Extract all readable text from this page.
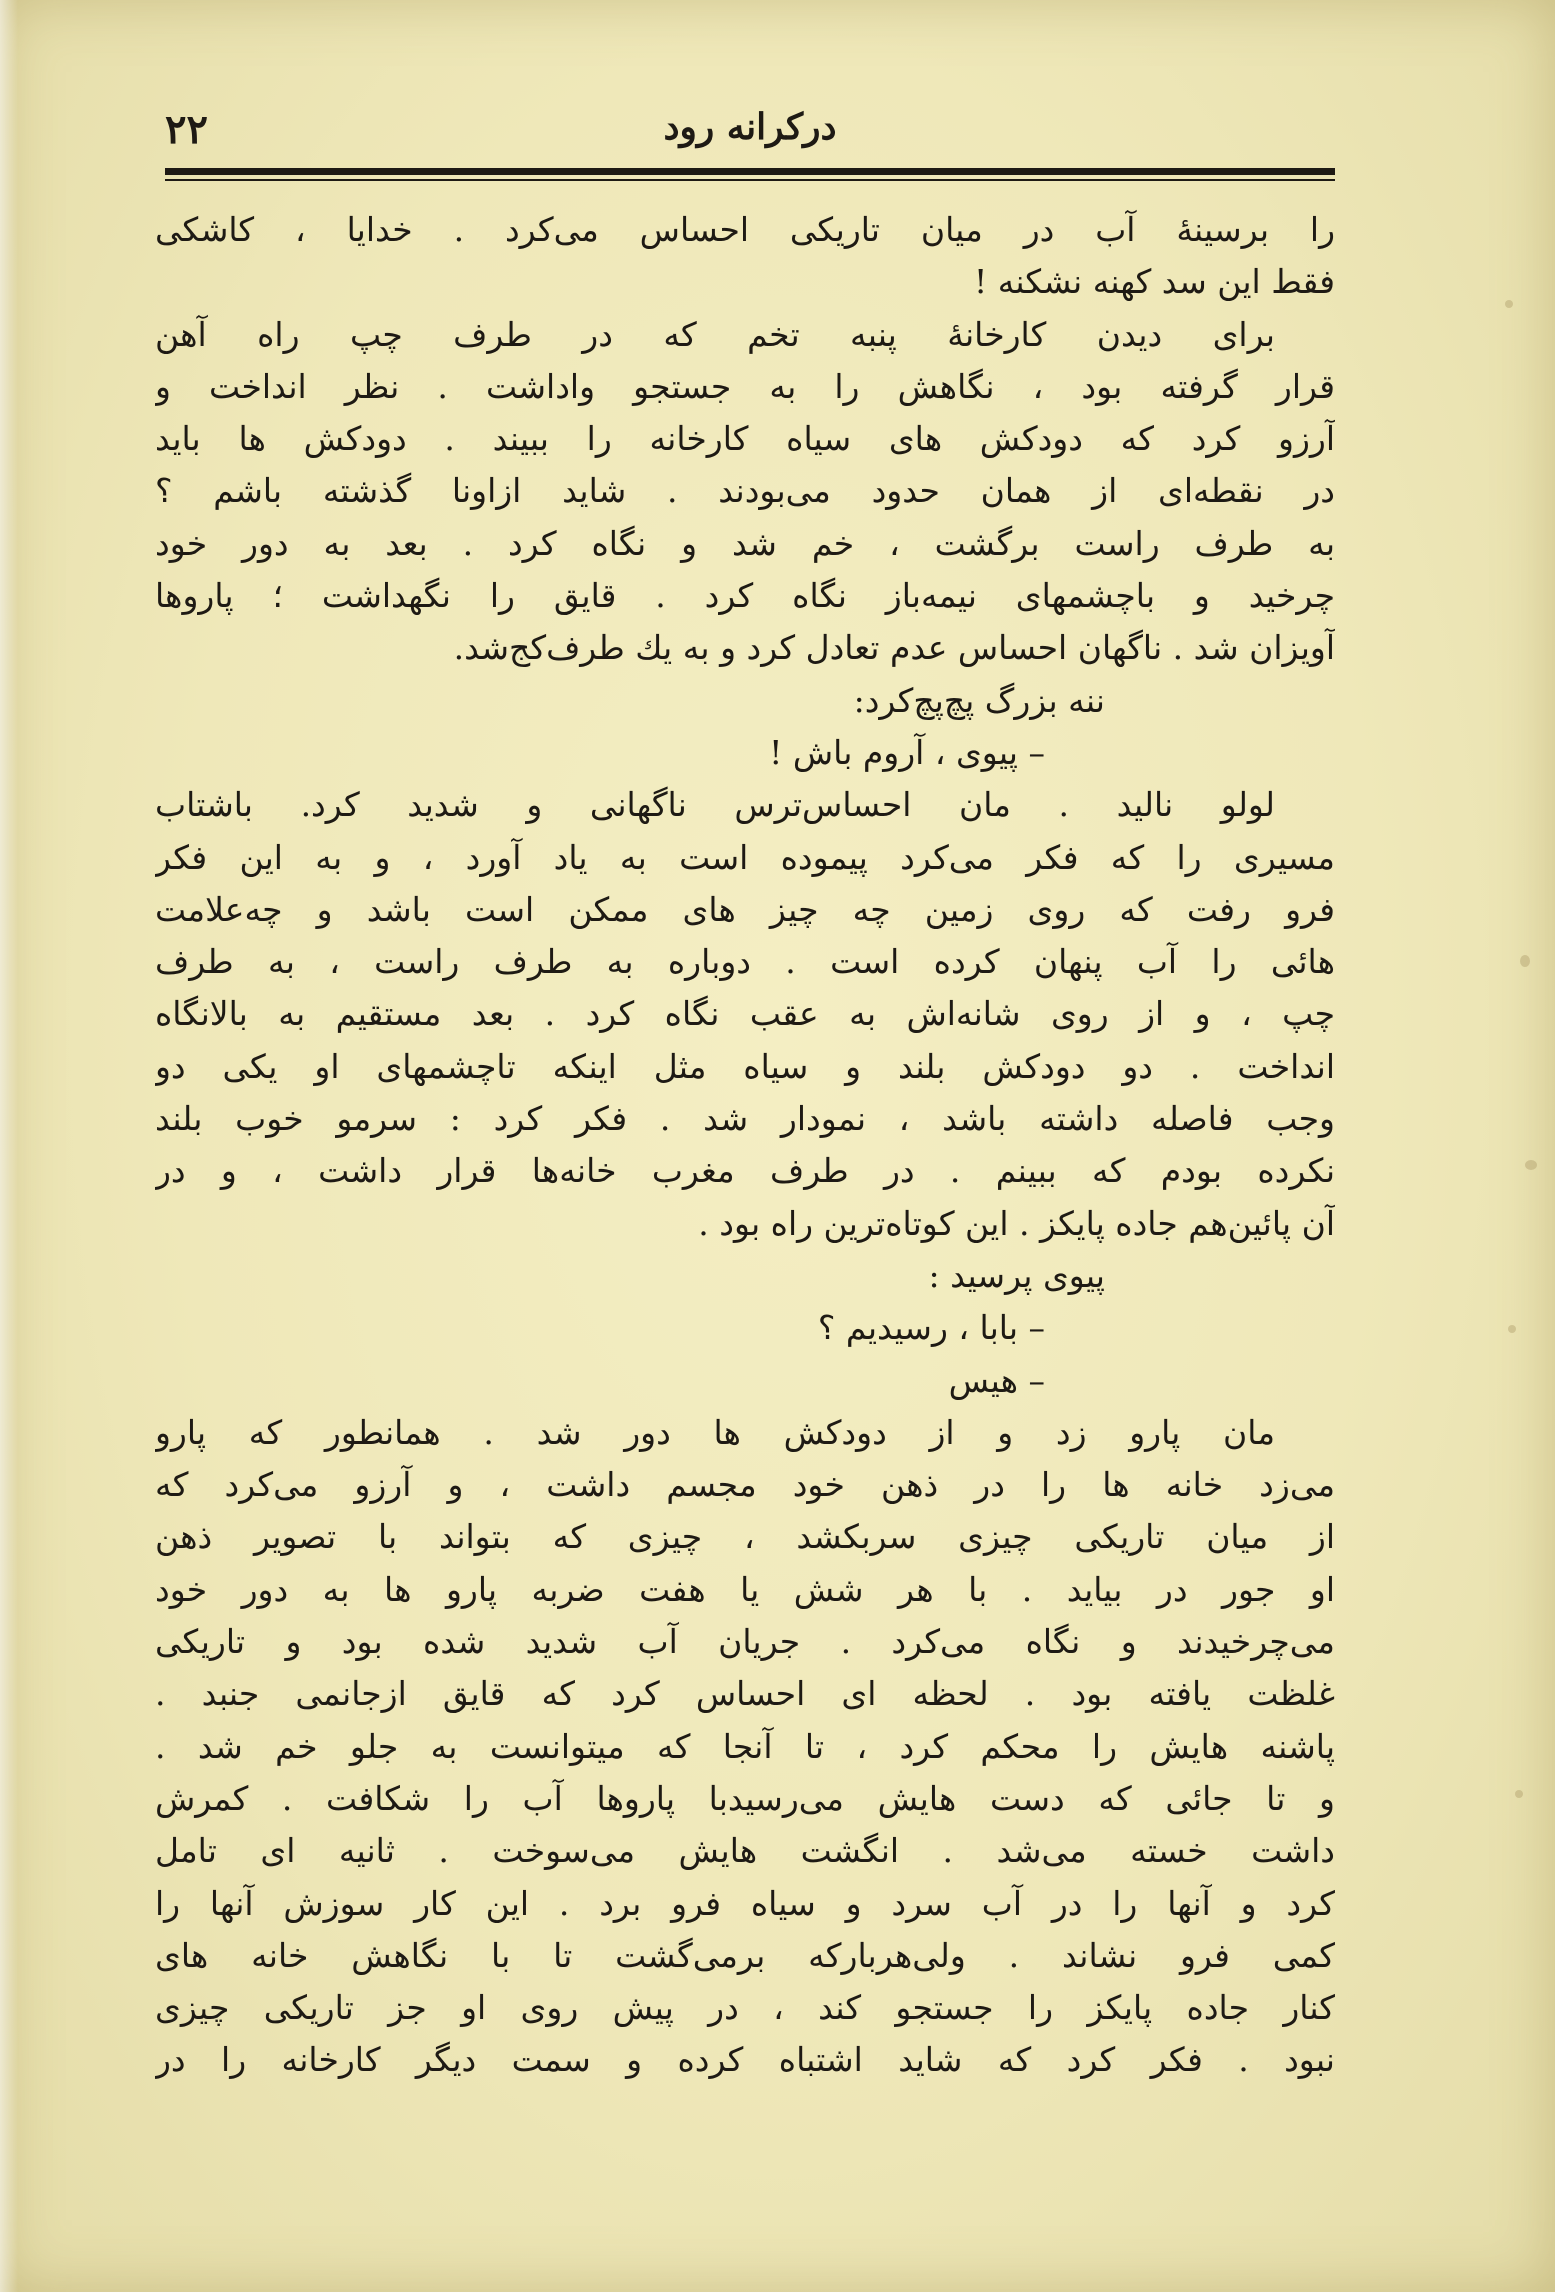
۲۲	درکرانه رود
را برسینهٔ آب در میان تاریکی احساس می‌کرد . خدایا ، کاشکی
فقط این سد کهنه نشکنه !
برای دیدن کارخانهٔ پنبه تخم که در طرف چپ راه آهن
قرار گرفته بود ، نگاهش را به جستجو واداشت . نظر انداخت و
آرزو کرد که دودکش های سیاه کارخانه را ببیند . دودکش ها باید
در نقطه‌ای از همان حدود می‌بودند . شاید ازاونا گذشته باشم ؟
به طرف راست برگشت ، خم شد و نگاه کرد . بعد به دور خود
چرخید و باچشمهای نیمه‌باز نگاه کرد . قایق را نگهداشت ؛ پاروها
آویزان شد . ناگهان احساس عدم تعادل کرد و به یك طرف‌کج‌شد.
ننه بزرگ پچ‌پچ‌کرد:
– پیوی ، آروم باش !
لولو نالید . مان احساس‌ترس ناگهانی و شدید کرد. باشتاب
مسیری را که فکر می‌کرد پیموده است به یاد آورد ، و به این فکر
فرو رفت که روی زمین چه چیز های ممکن است باشد و چه‌علامت
هائی را آب پنهان کرده است . دوباره به طرف راست ، به طرف
چپ ، و از روی شانه‌اش به عقب نگاه کرد . بعد مستقیم به بالانگاه
انداخت . دو دودکش بلند و سیاه مثل اینکه تاچشمهای او یکی دو
وجب فاصله داشته باشد ، نمودار شد . فکر کرد : سرمو خوب بلند
نکرده بودم که ببینم . در طرف مغرب خانه‌ها قرار داشت ، و در
آن پائین‌هم جاده پایکز . این کوتاه‌ترین راه بود .
پیوی پرسید :
– بابا ، رسیدیم ؟
– هیس
مان پارو زد و از دودکش ها دور شد . همانطور که پارو
می‌زد خانه ها را در ذهن خود مجسم داشت ، و آرزو می‌کرد که
از میان تاریکی چیزی سربکشد ، چیزی که بتواند با تصویر ذهن
او جور در بیاید . با هر شش یا هفت ضربه پارو ها به دور خود
می‌چرخیدند و نگاه می‌کرد . جریان آب شدید شده بود و تاریکی
غلظت یافته بود . لحظه ای احساس کرد که قایق ازجانمی جنبد .
پاشنه هایش را محکم کرد ، تا آنجا که میتوانست به جلو خم شد .
و تا جائی که دست هایش می‌رسیدبا پاروها آب را شکافت . کمرش
داشت خسته می‌شد . انگشت هایش می‌سوخت . ثانیه ای تامل
کرد و آنها را در آب سرد و سیاه فرو برد . این کار سوزش آنها را
کمی فرو نشاند . ولی‌هربارکه برمی‌گشت تا با نگاهش خانه های
کنار جاده پایکز را جستجو کند ، در پیش روی او جز تاریکی چیزی
نبود . فکر کرد که شاید اشتباه کرده و سمت دیگر کارخانه را در
